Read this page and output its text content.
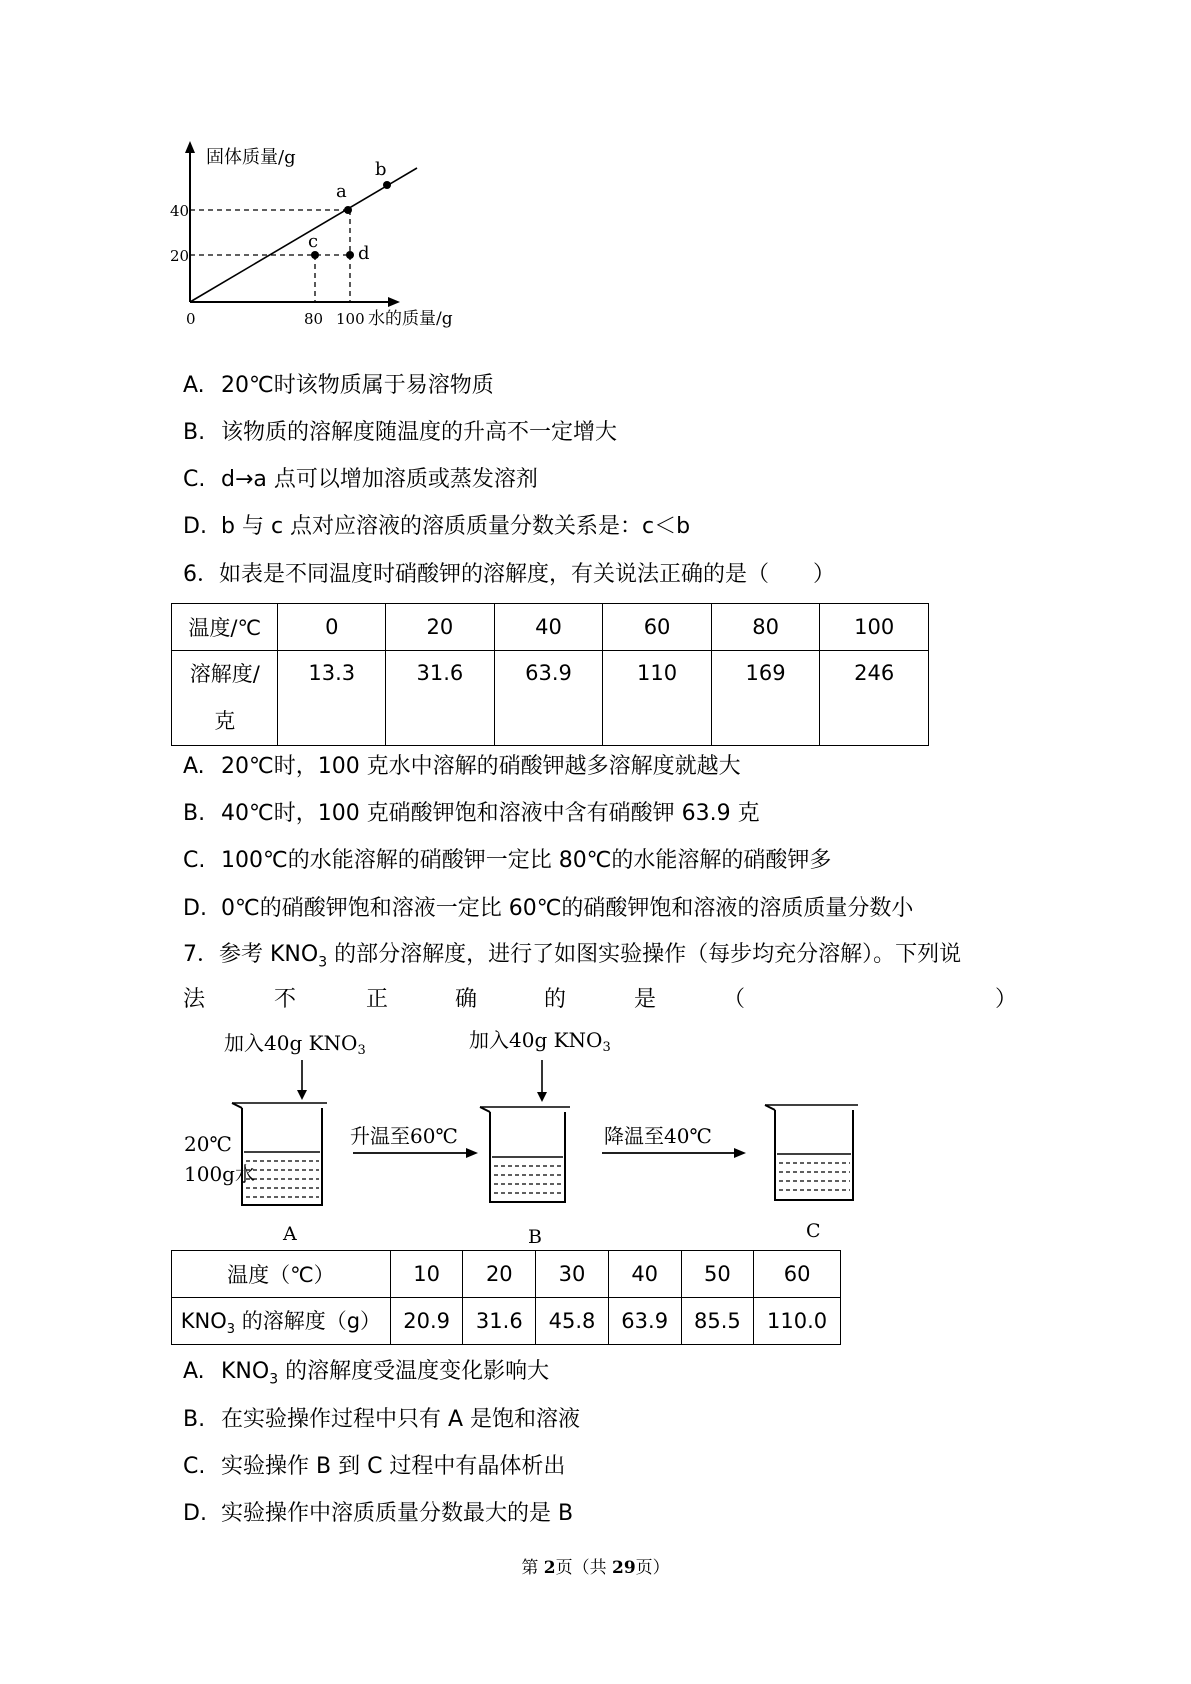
固体质量/g
水的质量/g
40
20
0	80 100
a
b
c
d
A. 20℃时该物质属于易溶物质
B. 该物质的溶解度随温度的升高不一定增大
C. d→a 点可以增加溶质或蒸发溶剂
D. b 与 c 点对应溶液的溶质质量分数关系是：c＜b
6．如表是不同温度时硝酸钾的溶解度，有关说法正确的是（　　）
温度/℃	0	20	40	60	80	100

溶解度/
克	13.3	31.6	63.9	110	169	246
A. 20℃时，100 克水中溶解的硝酸钾越多溶解度就越大
B. 40℃时，100 克硝酸钾饱和溶液中含有硝酸钾 63.9 克
C. 100℃的水能溶解的硝酸钾一定比 80℃的水能溶解的硝酸钾多
D. 0℃的硝酸钾饱和溶液一定比 60℃的硝酸钾饱和溶液的溶质质量分数小
7．参考 $KNO_3$ 的部分溶解度，进行了如图实验操作（每步均充分溶解）。下列说
法	不	正	确	的	是	（	）
加入40g $KNO_3$	加入40g $KNO_3$
20℃
100g水
升温至60℃	降温至40℃
A	B	C
温度（℃）	10	20	30	40	50	60
$KNO_3$ 的溶解度（g）	20.9	31.6	45.8	63.9	85.5	110.0
A. $KNO_3$ 的溶解度受温度变化影响大
B. 在实验操作过程中只有 A 是饱和溶液
C. 实验操作 B 到 C 过程中有晶体析出
D. 实验操作中溶质质量分数最大的是 B
第 2页（共 29页）
